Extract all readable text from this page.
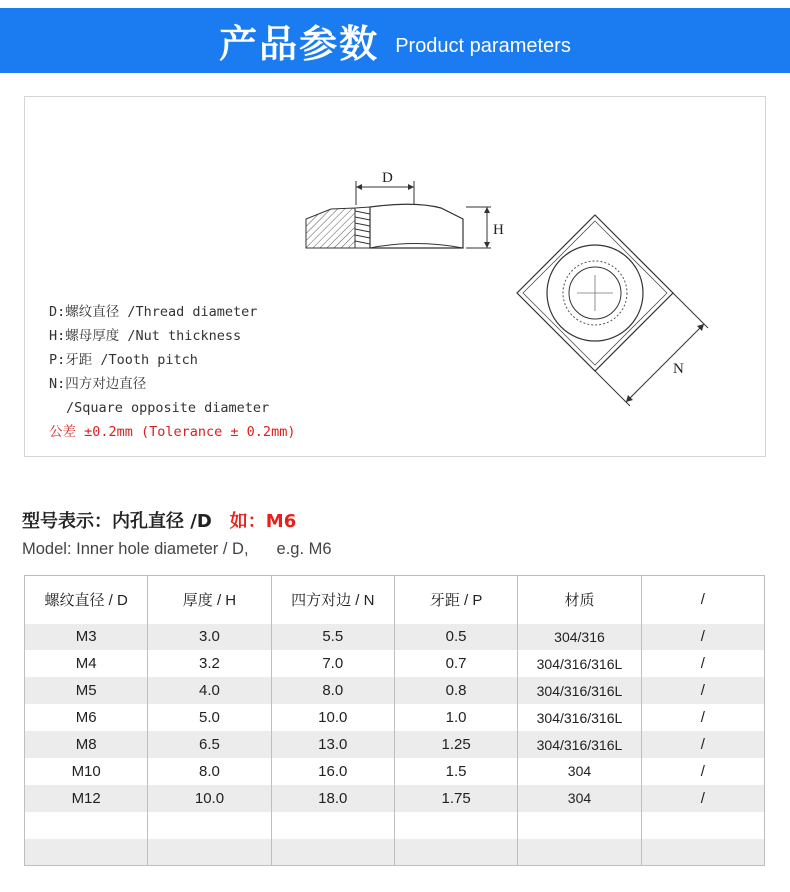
产品参数 Product parameters
D
H
N
D:螺纹直径 /Thread diameter
H:螺母厚度 /Nut thickness
P:牙距 /Tooth pitch
N:四方对边直径
/Square opposite diameter
公差 ±0.2mm (Tolerance ± 0.2mm)
型号表示：内孔直径 /D 如：M6
Model: Inner hole diameter / D, e.g. M6
螺纹直径 / D	厚度 / H	四方对边 / N	牙距 / P	材质	/
M3	3.0	5.5	0.5	304/316	/
M4	3.2	7.0	0.7	304/316/316L	/
M5	4.0	8.0	0.8	304/316/316L	/
M6	5.0	10.0	1.0	304/316/316L	/
M8	6.5	13.0	1.25	304/316/316L	/
M10	8.0	16.0	1.5	304	/
M12	10.0	18.0	1.75	304	/
